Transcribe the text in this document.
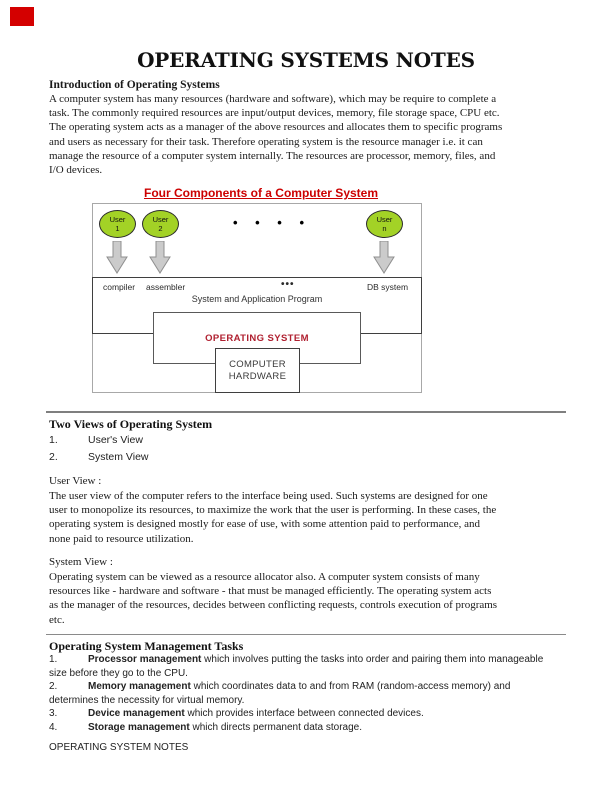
OPERATING SYSTEMS NOTES
Introduction of Operating Systems
A computer system has many resources (hardware and software), which may be require to complete a
task. The commonly required resources are input/output devices, memory, file storage space, CPU etc.
The operating system acts as a manager of the above resources and allocates them to specific programs
and users as necessary for their task. Therefore operating system is the resource manager i.e. it can
manage the resource of a computer system internally. The resources are processor, memory, files, and
I/O devices.
Four Components of a Computer System
User
1
User
2
User
n
• • • •
compiler assembler	•••	DB system
System and Application Program
OPERATING SYSTEM
COMPUTER
HARDWARE
Two Views of Operating System
1.	User's View
2.	System View
User View :
The user view of the computer refers to the interface being used. Such systems are designed for one
user to monopolize its resources, to maximize the work that the user is performing. In these cases, the
operating system is designed mostly for ease of use, with some attention paid to performance, and
none paid to resource utilization.
System View :
Operating system can be viewed as a resource allocator also. A computer system consists of many
resources like - hardware and software - that must be managed efficiently. The operating system acts
as the manager of the resources, decides between conflicting requests, controls execution of programs
etc.
Operating System Management Tasks
1.	Processor management which involves putting the tasks into order and pairing them into manageable
size before they go to the CPU.
2.	Memory management which coordinates data to and from RAM (random-access memory) and
determines the necessity for virtual memory.
3.	Device management which provides interface between connected devices.
4.	Storage management which directs permanent data storage.
OPERATING SYSTEM NOTES
